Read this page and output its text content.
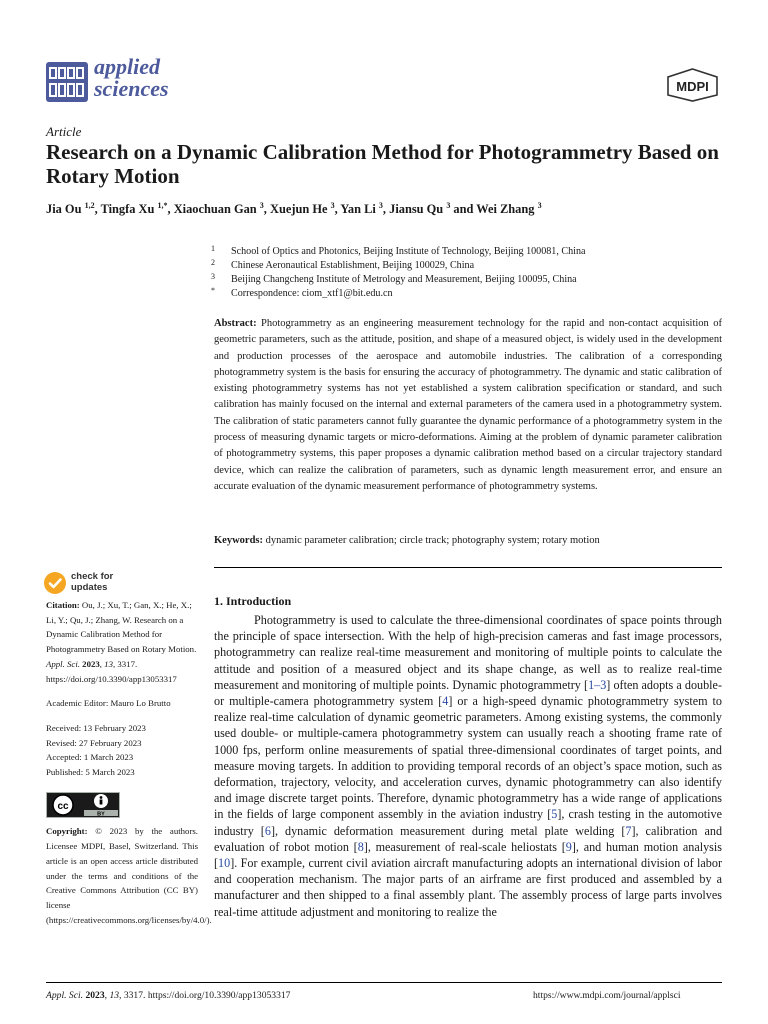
applied
sciences	MDPI
Article
Research on a Dynamic Calibration Method for Photogrammetry Based on Rotary Motion
Jia Ou $^{1,2}$, Tingfa Xu $^{1,*}$, Xiaochuan Gan $^3$, Xuejun He $^3$, Yan Li $^3$, Jiansu Qu $^3$ and Wei Zhang $^3$
1	School of Optics and Photonics, Beijing Institute of Technology, Beijing 100081, China
2	Chinese Aeronautical Establishment, Beijing 100029, China
3	Beijing Changcheng Institute of Metrology and Measurement, Beijing 100095, China
*	Correspondence: ciom_xtf1@bit.edu.cn
Abstract: Photogrammetry as an engineering measurement technology for the rapid and non-contact acquisition of geometric parameters, such as the attitude, position, and shape of a measured object, is widely used in the development and production processes of the aerospace and automobile industries. The calibration of a corresponding photogrammetry system is the basis for ensuring the accuracy of photogrammetry. The dynamic and static calibration of existing photogrammetry systems has not yet established a system calibration specification or standard, and such calibration has mainly focused on the internal and external parameters of the camera used in a photogrammetry system. The calibration of static parameters cannot fully guarantee the dynamic performance of a photogrammetry system in the process of measuring dynamic targets or micro-deformations. Aiming at the problem of dynamic parameter calibration of photogrammetry systems, this paper proposes a dynamic calibration method based on a circular trajectory standard device, which can realize the calibration of parameters, such as dynamic length measurement error, and ensure an accurate evaluation of the dynamic measurement performance of photogrammetry systems.
Keywords: dynamic parameter calibration; circle track; photography system; rotary motion
check for
updates

Citation: Ou, J.; Xu, T.; Gan, X.; He, X.; Li, Y.; Qu, J.; Zhang, W. Research on a Dynamic Calibration Method for Photogrammetry Based on Rotary Motion. Appl. Sci. 2023, 13, 3317. https://doi.org/10.3390/app13053317

Academic Editor: Mauro Lo Brutto

Received: 13 February 2023

Revised: 27 February 2023

Accepted: 1 March 2023

Published: 5 March 2023

cc
BY

Copyright: © 2023 by the authors. Licensee MDPI, Basel, Switzerland. This article is an open access article distributed under the terms and conditions of the Creative Commons Attribution (CC BY) license (https://creativecommons.org/licenses/by/4.0/).

1. Introduction

Photogrammetry is used to calculate the three-dimensional coordinates of space points through the principle of space intersection. With the help of high-precision cameras and fast image processors, photogrammetry can realize real-time measurement and monitoring of multiple points to calculate the attitude and position of a measured object and its shape change, as well as to realize real-time measurement and monitoring of multiple points. Dynamic photogrammetry [1–3] often adopts a double- or multiple-camera photogrammetry system [4] or a high-speed dynamic photogrammetry system to realize real-time calculation of dynamic geometric parameters. Among existing systems, the commonly used double- or multiple-camera photogrammetry system can usually reach a shooting frame rate of 1000 fps, perform online measurements of spatial three-dimensional coordinates of target points, and measure moving targets. In addition to providing temporal records of an object’s space motion, such as deformation, trajectory, velocity, and acceleration curves, dynamic photogrammetry can also identify and image discrete target points. Therefore, dynamic photogrammetry has a wide range of applications in the fields of large component assembly in the aviation industry [5], crash testing in the automotive industry [6], dynamic deformation measurement during metal plate welding [7], calibration and evaluation of robot motion [8], measurement of real-scale heliostats [9], and human motion analysis [10]. For example, current civil aviation aircraft manufacturing adopts an international division of labor and cooperation mechanism. The major parts of an airframe are first produced and assembled by a manufacturer and then shipped to a final assembly plant. The assembly process of large parts involves real-time attitude adjustment and monitoring to realize the

Appl. Sci. 2023, 13, 3317. https://doi.org/10.3390/app13053317	https://www.mdpi.com/journal/applsci
